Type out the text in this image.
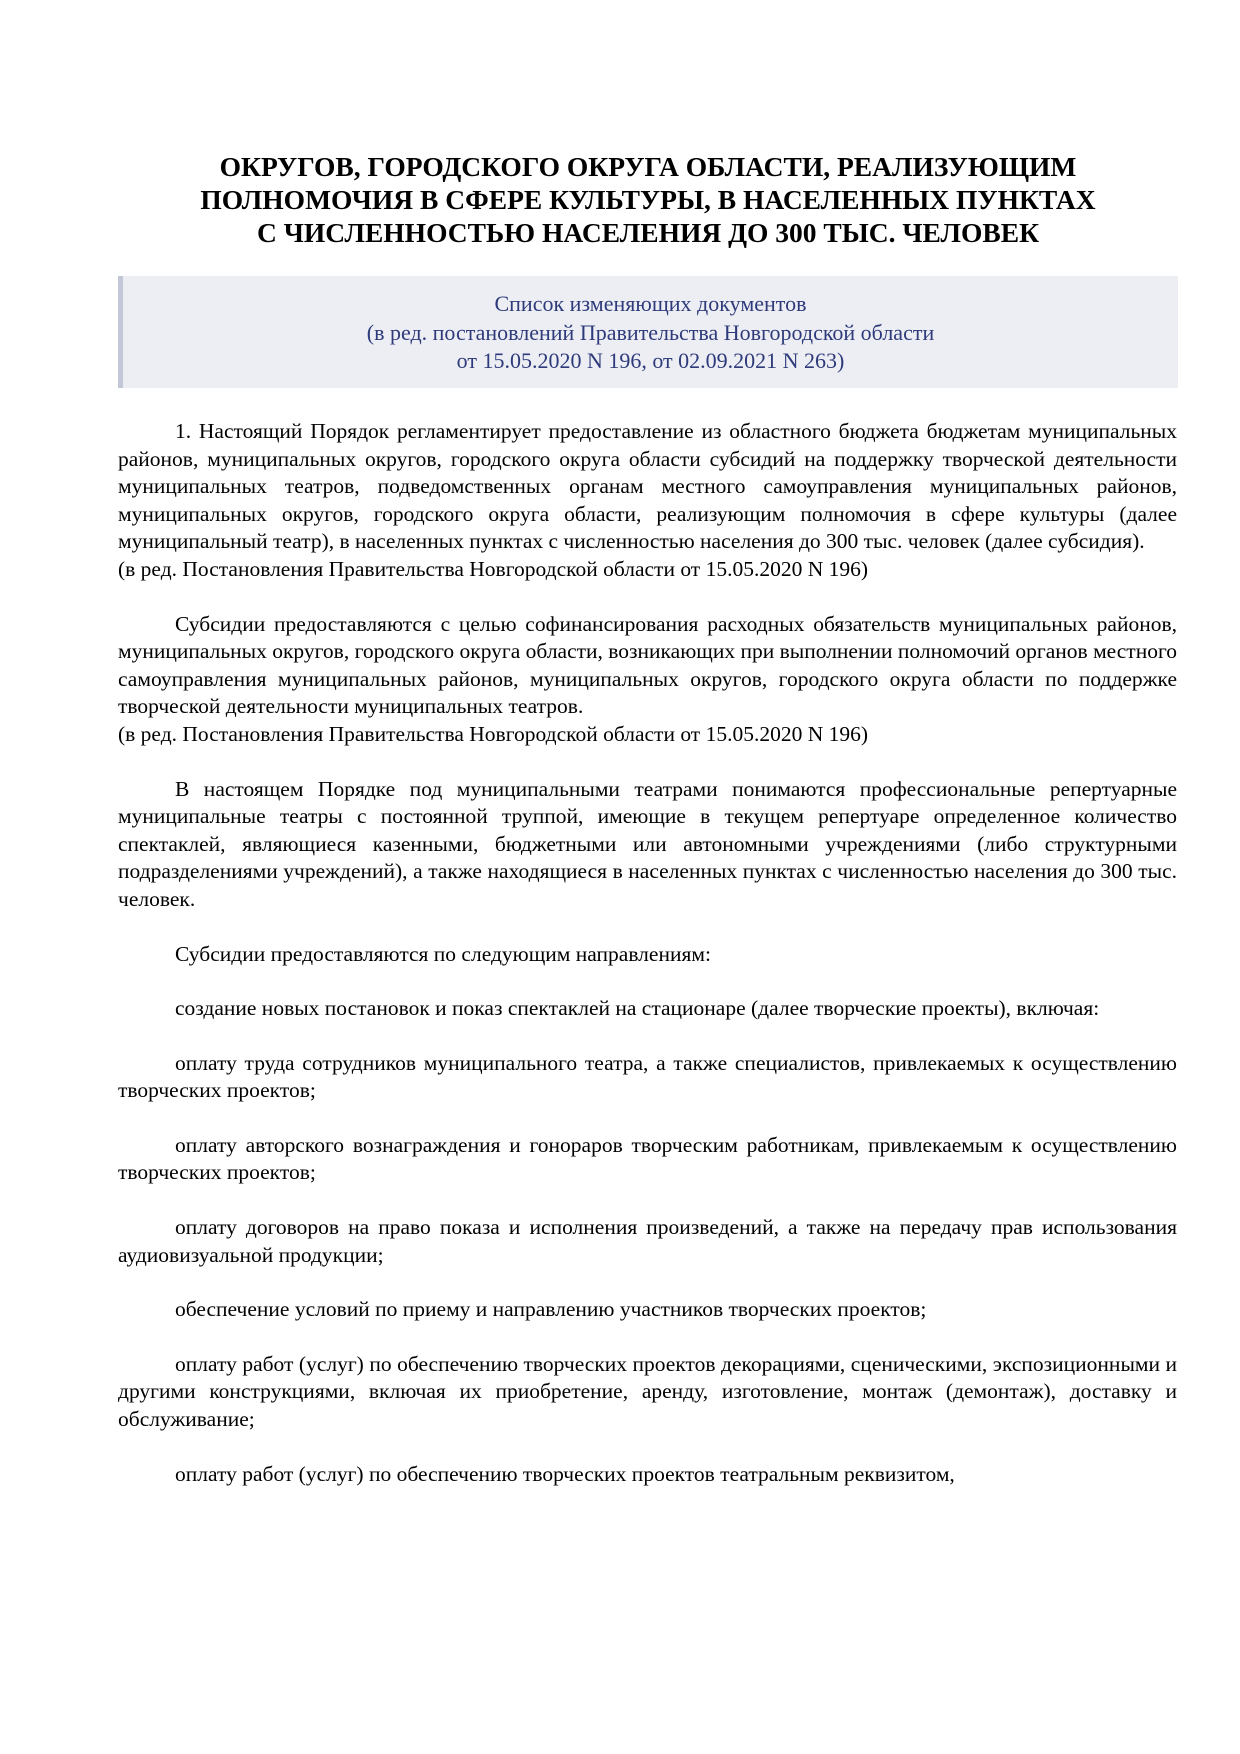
ОКРУГОВ, ГОРОДСКОГО ОКРУГА ОБЛАСТИ, РЕАЛИЗУЮЩИМ
ПОЛНОМОЧИЯ В СФЕРЕ КУЛЬТУРЫ, В НАСЕЛЕННЫХ ПУНКТАХ
С ЧИСЛЕННОСТЬЮ НАСЕЛЕНИЯ ДО 300 ТЫС. ЧЕЛОВЕК
Список изменяющих документов
(в ред. постановлений Правительства Новгородской области
от 15.05.2020 N 196, от 02.09.2021 N 263)

1. Настоящий Порядок регламентирует предоставление из областного бюджета бюджетам муниципальных районов, муниципальных округов, городского округа области субсидий на поддержку творческой деятельности муниципальных театров, подведомственных органам местного самоуправления муниципальных районов, муниципальных округов, городского округа области, реализующим полномочия в сфере культуры (далее муниципальный театр), в населенных пунктах с численностью населения до 300 тыс. человек (далее субсидия).

(в ред. Постановления Правительства Новгородской области от 15.05.2020 N 196)

Субсидии предоставляются с целью софинансирования расходных обязательств муниципальных районов, муниципальных округов, городского округа области, возникающих при выполнении полномочий органов местного самоуправления муниципальных районов, муниципальных округов, городского округа области по поддержке творческой деятельности муниципальных театров.

(в ред. Постановления Правительства Новгородской области от 15.05.2020 N 196)

В настоящем Порядке под муниципальными театрами понимаются профессиональные репертуарные муниципальные театры с постоянной труппой, имеющие в текущем репертуаре определенное количество спектаклей, являющиеся казенными, бюджетными или автономными учреждениями (либо структурными подразделениями учреждений), а также находящиеся в населенных пунктах с численностью населения до 300 тыс. человек.

Субсидии предоставляются по следующим направлениям:

создание новых постановок и показ спектаклей на стационаре (далее творческие проекты), включая:

оплату труда сотрудников муниципального театра, а также специалистов, привлекаемых к осуществлению творческих проектов;

оплату авторского вознаграждения и гонораров творческим работникам, привлекаемым к осуществлению творческих проектов;

оплату договоров на право показа и исполнения произведений, а также на передачу прав использования аудиовизуальной продукции;

обеспечение условий по приему и направлению участников творческих проектов;

оплату работ (услуг) по обеспечению творческих проектов декорациями, сценическими, экспозиционными и другими конструкциями, включая их приобретение, аренду, изготовление, монтаж (демонтаж), доставку и обслуживание;

оплату работ (услуг) по обеспечению творческих проектов театральным реквизитом,
